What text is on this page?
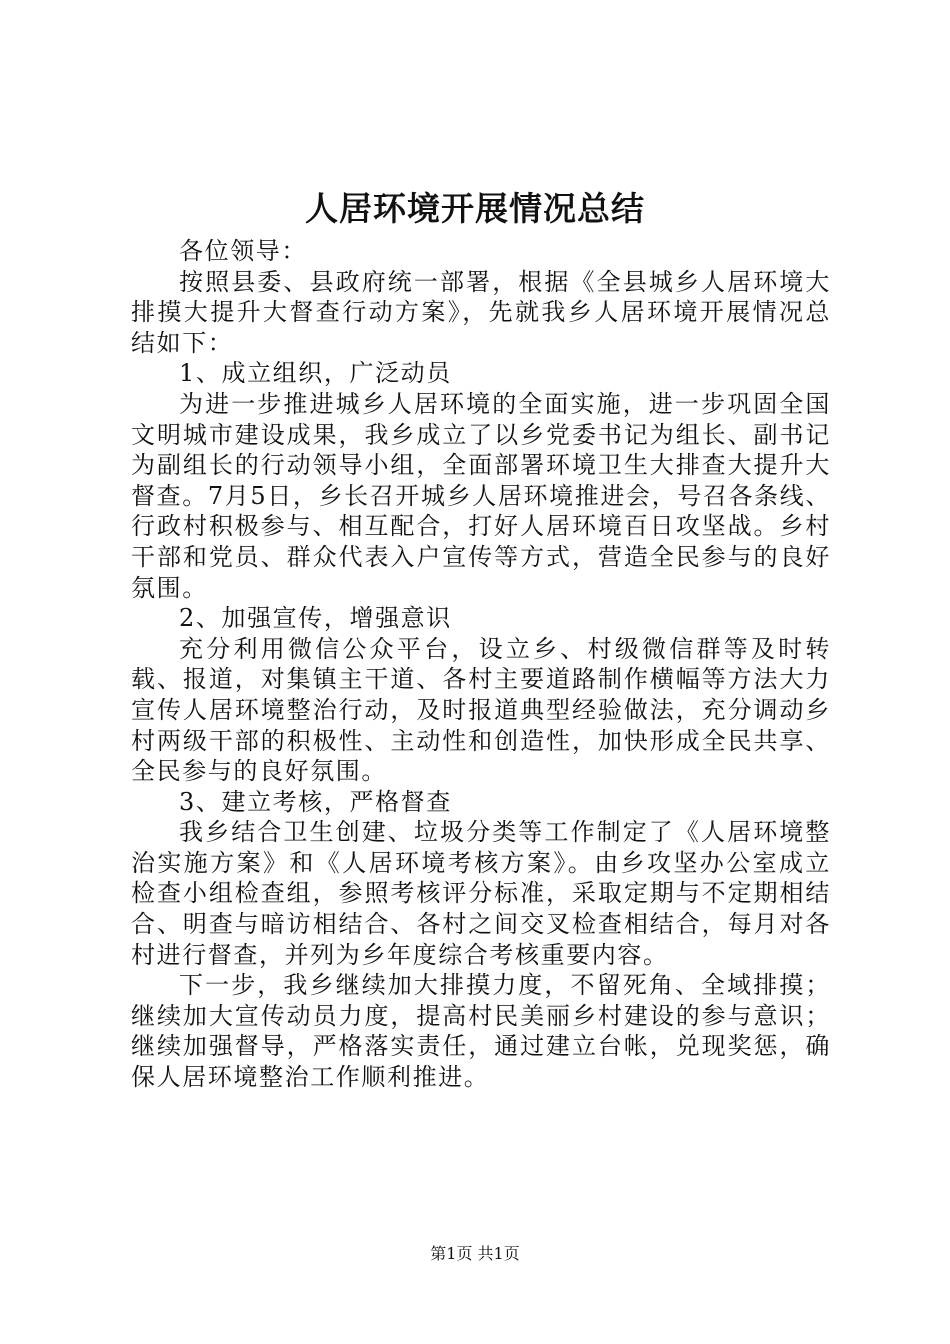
人居环境开展情况总结

各位领导：

按照县委、县政府统一部署，根据《全县城乡人居环境大排摸大提升大督查行动方案》，先就我乡人居环境开展情况总结如下：

1、成立组织，广泛动员

为进一步推进城乡人居环境的全面实施，进一步巩固全国文明城市建设成果，我乡成立了以乡党委书记为组长、副书记为副组长的行动领导小组，全面部署环境卫生大排查大提升大督查。7月5日，乡长召开城乡人居环境推进会，号召各条线、行政村积极参与、相互配合，打好人居环境百日攻坚战。乡村干部和党员、群众代表入户宣传等方式，营造全民参与的良好氛围。

2、加强宣传，增强意识

充分利用微信公众平台，设立乡、村级微信群等及时转载、报道，对集镇主干道、各村主要道路制作横幅等方法大力宣传人居环境整治行动，及时报道典型经验做法，充分调动乡村两级干部的积极性、主动性和创造性，加快形成全民共享、全民参与的良好氛围。

3、建立考核，严格督查

我乡结合卫生创建、垃圾分类等工作制定了《人居环境整治实施方案》和《人居环境考核方案》。由乡攻坚办公室成立检查小组检查组，参照考核评分标准，采取定期与不定期相结合、明查与暗访相结合、各村之间交叉检查相结合，每月对各村进行督查，并列为乡年度综合考核重要内容。

下一步，我乡继续加大排摸力度，不留死角、全域排摸；继续加大宣传动员力度，提高村民美丽乡村建设的参与意识；继续加强督导，严格落实责任，通过建立台帐，兑现奖惩，确保人居环境整治工作顺利推进。

第1页 共1页
